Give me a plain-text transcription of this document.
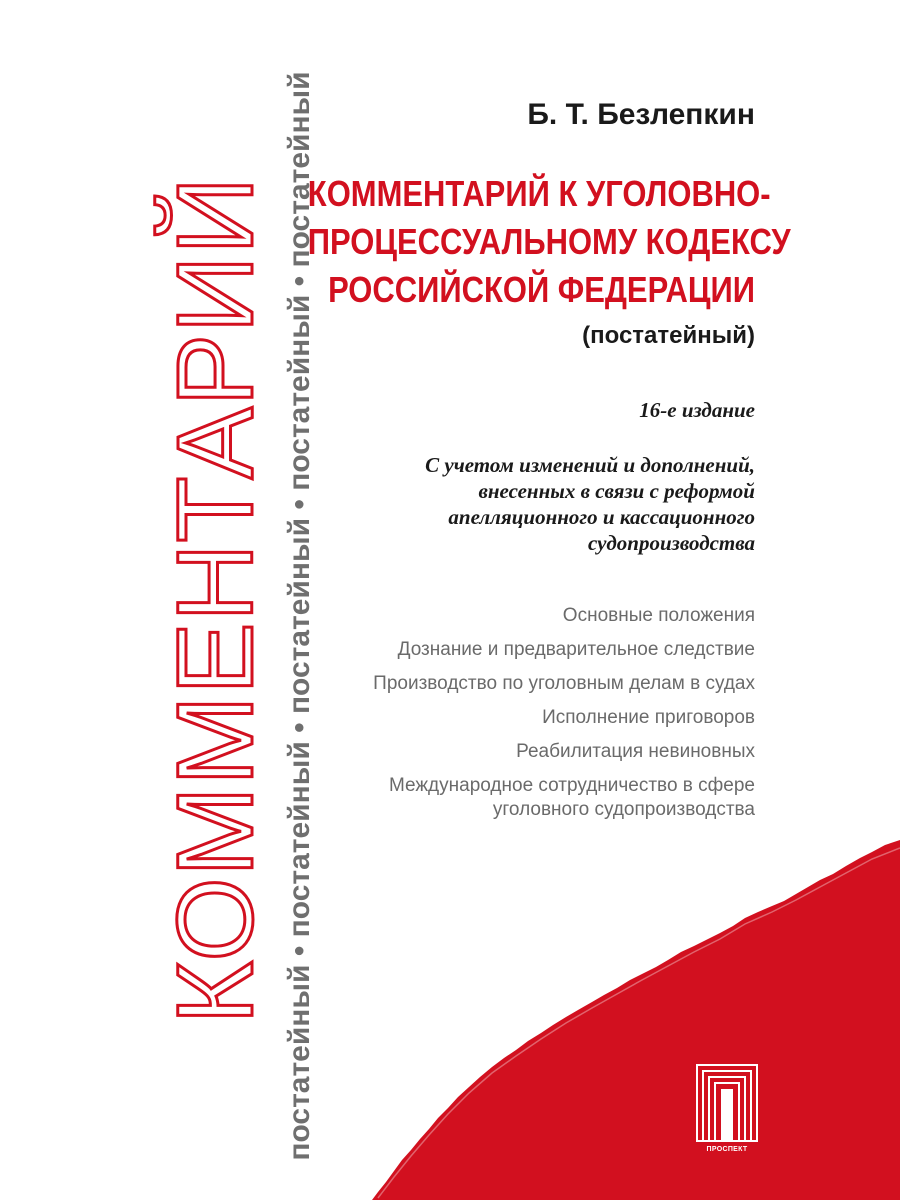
КОММЕНТАРИЙ постатейный • постатейный • постатейный • постатейный • постатейный	Б. Т. Безлепкин
КОММЕНТАРИЙ К УГОЛОВНО-
ПРОЦЕССУАЛЬНОМУ КОДЕКСУ
РОССИЙСКОЙ ФЕДЕРАЦИИ
(постатейный)
16-е издание
С учетом изменений и дополнений,
внесенных в связи с реформой
апелляционного и кассационного
судопроизводства
Основные положения
Дознание и предварительное следствие
Производство по уголовным делам в судах
Исполнение приговоров
Реабилитация невиновных
Международное сотрудничество в сфере
уголовного судопроизводства
ПРОСПЕКТ
